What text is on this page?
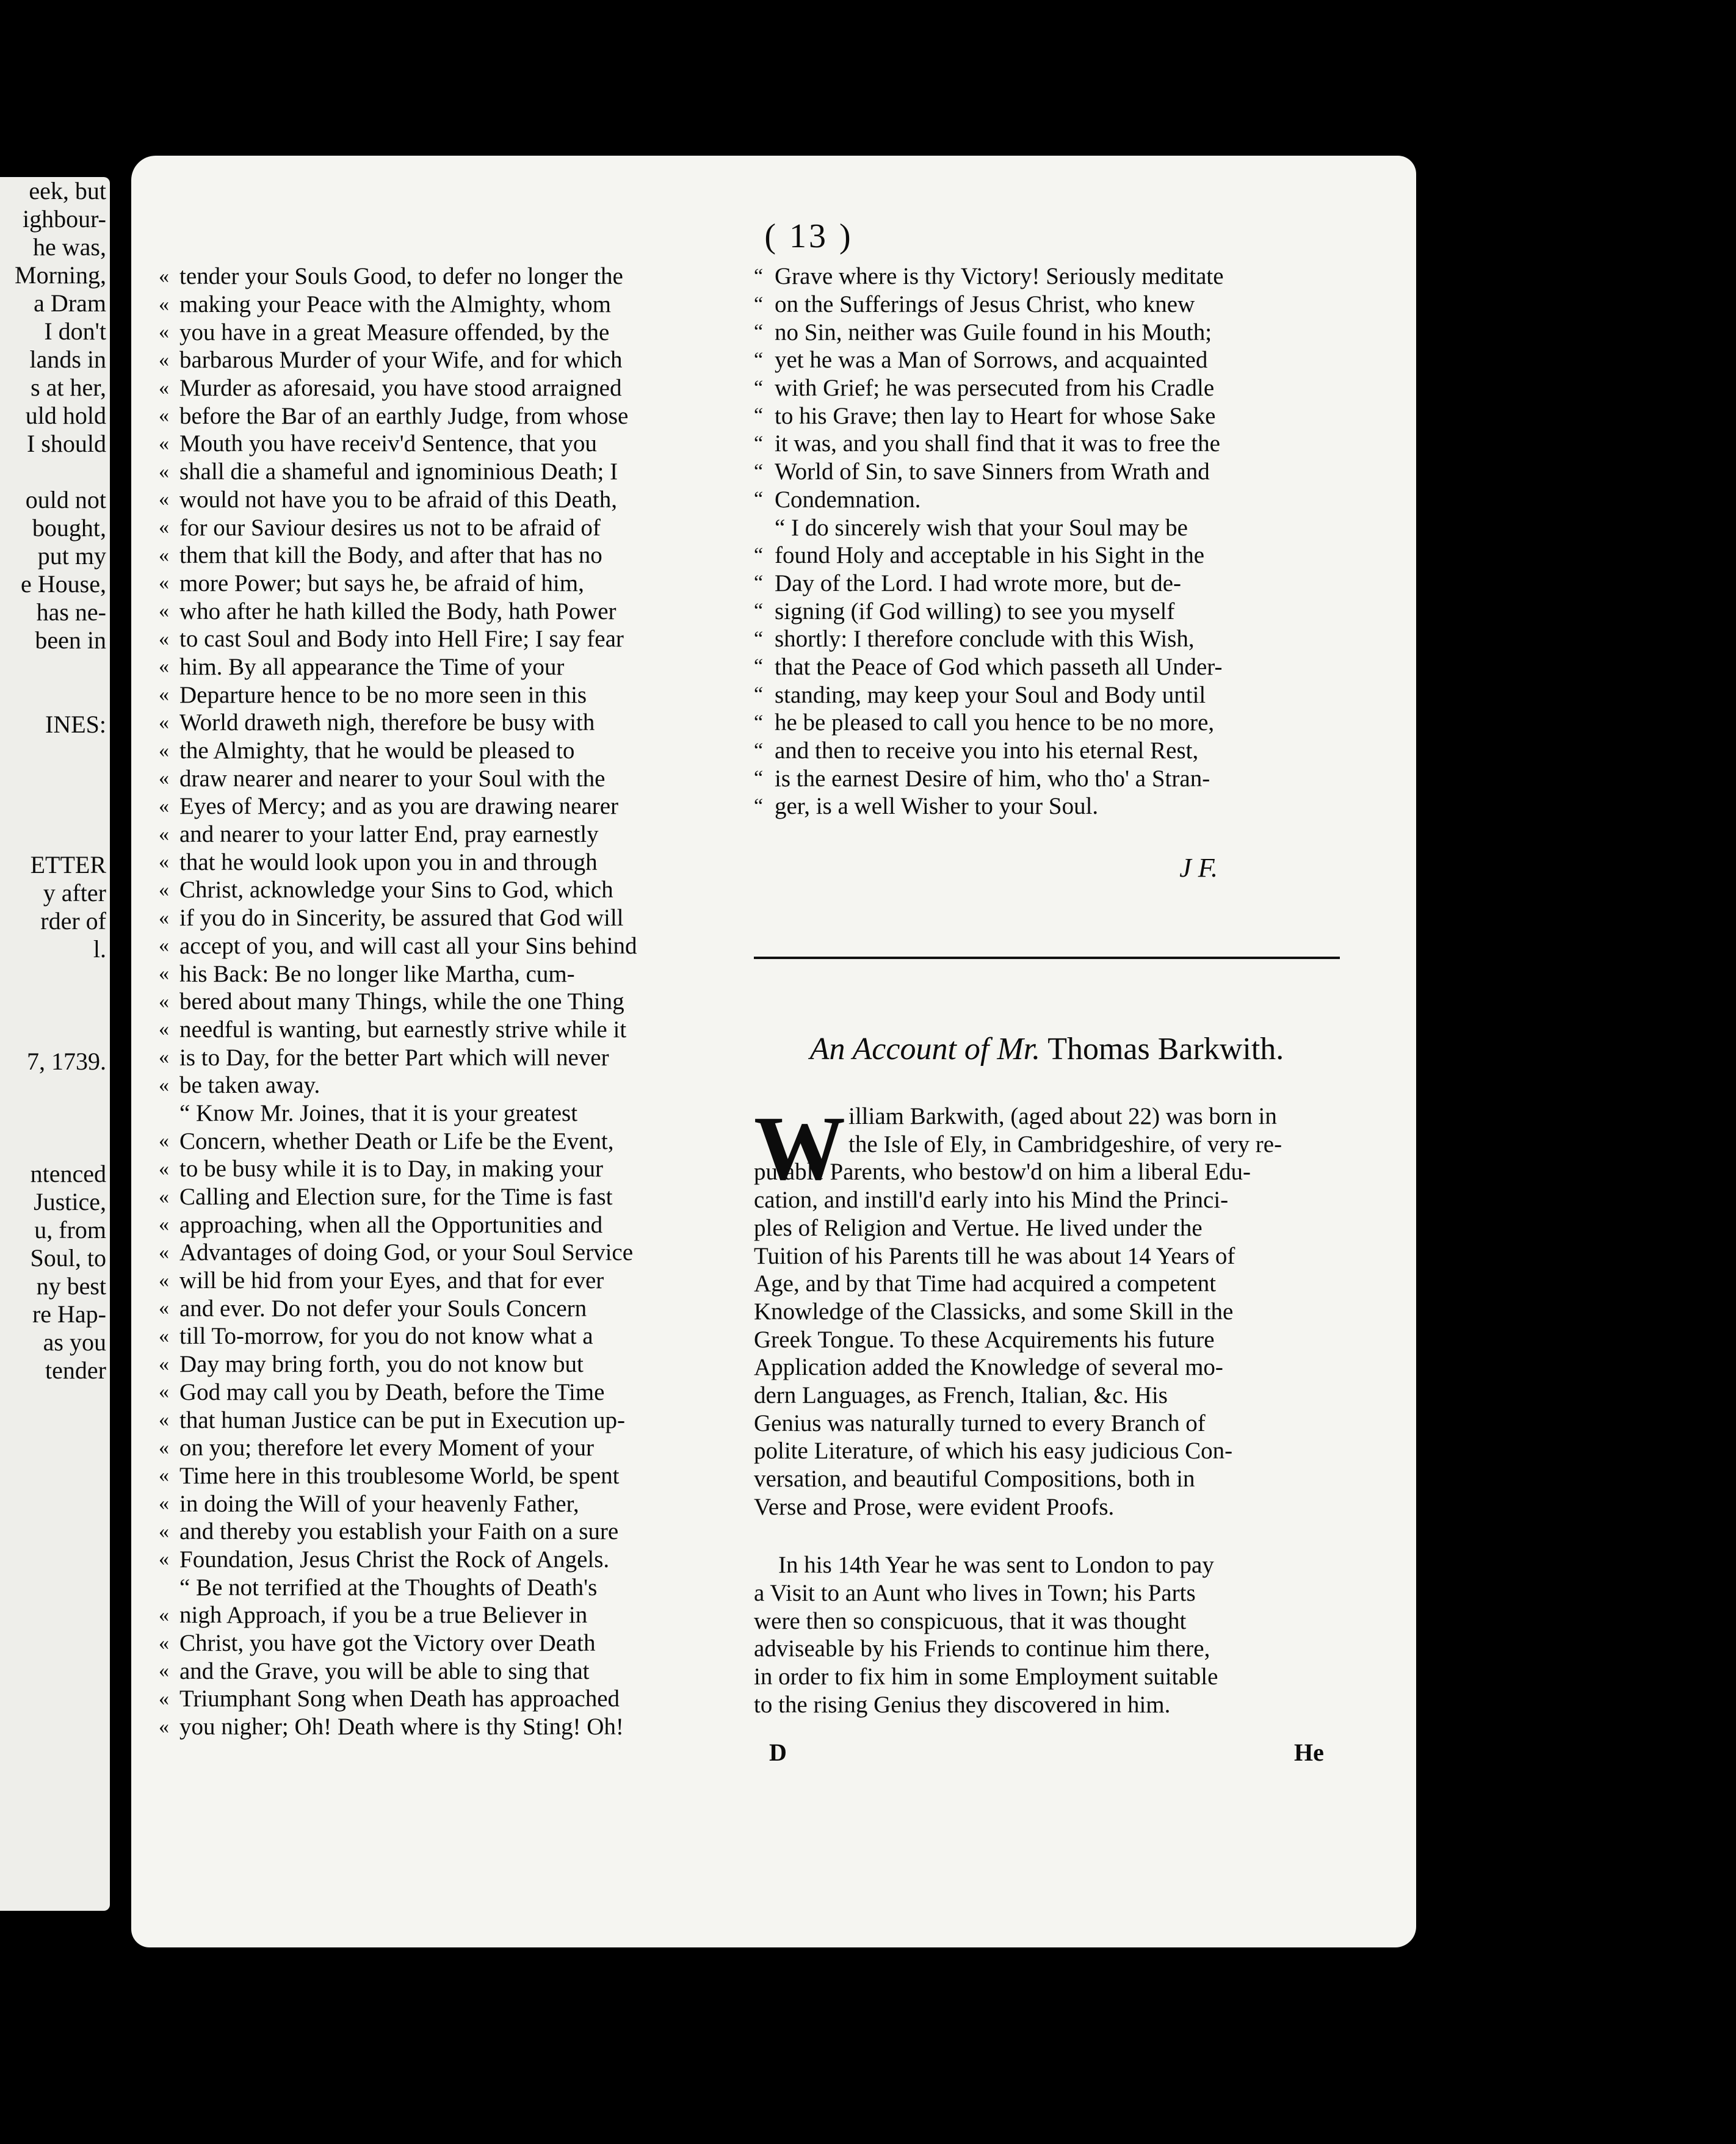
eek, but
ighbour-
he was,
Morning,
a Dram
I don't
lands in
s at her,
uld hold
I should
ould not
bought,
put my
e House,
has ne-
been in
INES:
ETTER
y after
rder of
l.
7, 1739.
ntenced
Justice,
u, from
Soul, to
ny best
re Hap-
as you
tender
( 13 )
« tender your Souls Good, to defer no longer the
« making your Peace with the Almighty, whom
« you have in a great Measure offended, by the
« barbarous Murder of your Wife, and for which
« Murder as aforesaid, you have stood arraigned
« before the Bar of an earthly Judge, from whose
« Mouth you have receiv'd Sentence, that you
« shall die a shameful and ignominious Death; I
« would not have you to be afraid of this Death,
« for our Saviour desires us not to be afraid of
« them that kill the Body, and after that has no
« more Power; but says he, be afraid of him,
« who after he hath killed the Body, hath Power
« to cast Soul and Body into Hell Fire; I say fear
« him. By all appearance the Time of your
« Departure hence to be no more seen in this
« World draweth nigh, therefore be busy with
« the Almighty, that he would be pleased to
« draw nearer and nearer to your Soul with the
« Eyes of Mercy; and as you are drawing nearer
« and nearer to your latter End, pray earnestly
« that he would look upon you in and through
« Christ, acknowledge your Sins to God, which
« if you do in Sincerity, be assured that God will
« accept of you, and will cast all your Sins behind
« his Back: Be no longer like Martha, cum-
« bered about many Things, while the one Thing
« needful is wanting, but earnestly strive while it
« is to Day, for the better Part which will never
« be taken away.
“ Know Mr. Joines, that it is your greatest
« Concern, whether Death or Life be the Event,
« to be busy while it is to Day, in making your
« Calling and Election sure, for the Time is fast
« approaching, when all the Opportunities and
« Advantages of doing God, or your Soul Service
« will be hid from your Eyes, and that for ever
« and ever. Do not defer your Souls Concern
« till To-morrow, for you do not know what a
« Day may bring forth, you do not know but
« God may call you by Death, before the Time
« that human Justice can be put in Execution up-
« on you; therefore let every Moment of your
« Time here in this troublesome World, be spent
« in doing the Will of your heavenly Father,
« and thereby you establish your Faith on a sure
« Foundation, Jesus Christ the Rock of Angels.
“ Be not terrified at the Thoughts of Death's
« nigh Approach, if you be a true Believer in
« Christ, you have got the Victory over Death
« and the Grave, you will be able to sing that
« Triumphant Song when Death has approached
« you nigher; Oh! Death where is thy Sting! Oh!
“ Grave where is thy Victory! Seriously meditate
“ on the Sufferings of Jesus Christ, who knew
“ no Sin, neither was Guile found in his Mouth;
“ yet he was a Man of Sorrows, and acquainted
“ with Grief; he was persecuted from his Cradle
“ to his Grave; then lay to Heart for whose Sake
“ it was, and you shall find that it was to free the
“ World of Sin, to save Sinners from Wrath and
“ Condemnation.
“ I do sincerely wish that your Soul may be
“ found Holy and acceptable in his Sight in the
“ Day of the Lord. I had wrote more, but de-
“ signing (if God willing) to see you myself
“ shortly: I therefore conclude with this Wish,
“ that the Peace of God which passeth all Under-
“ standing, may keep your Soul and Body until
“ he be pleased to call you hence to be no more,
“ and then to receive you into his eternal Rest,
“ is the earnest Desire of him, who tho' a Stran-
“ ger, is a well Wisher to your Soul.
J F.
An Account of Mr. Thomas Barkwith.
W illiam Barkwith, (aged about 22) was born in
the Isle of Ely, in Cambridgeshire, of very re-
putable Parents, who bestow'd on him a liberal Edu-
cation, and instill'd early into his Mind the Princi-
ples of Religion and Vertue. He lived under the
Tuition of his Parents till he was about 14 Years of
Age, and by that Time had acquired a competent
Knowledge of the Classicks, and some Skill in the
Greek Tongue. To these Acquirements his future
Application added the Knowledge of several mo-
dern Languages, as French, Italian, &c. His
Genius was naturally turned to every Branch of
polite Literature, of which his easy judicious Con-
versation, and beautiful Compositions, both in
Verse and Prose, were evident Proofs.
In his 14th Year he was sent to London to pay
a Visit to an Aunt who lives in Town; his Parts
were then so conspicuous, that it was thought
adviseable by his Friends to continue him there,
in order to fix him in some Employment suitable
to the rising Genius they discovered in him.
D	He
